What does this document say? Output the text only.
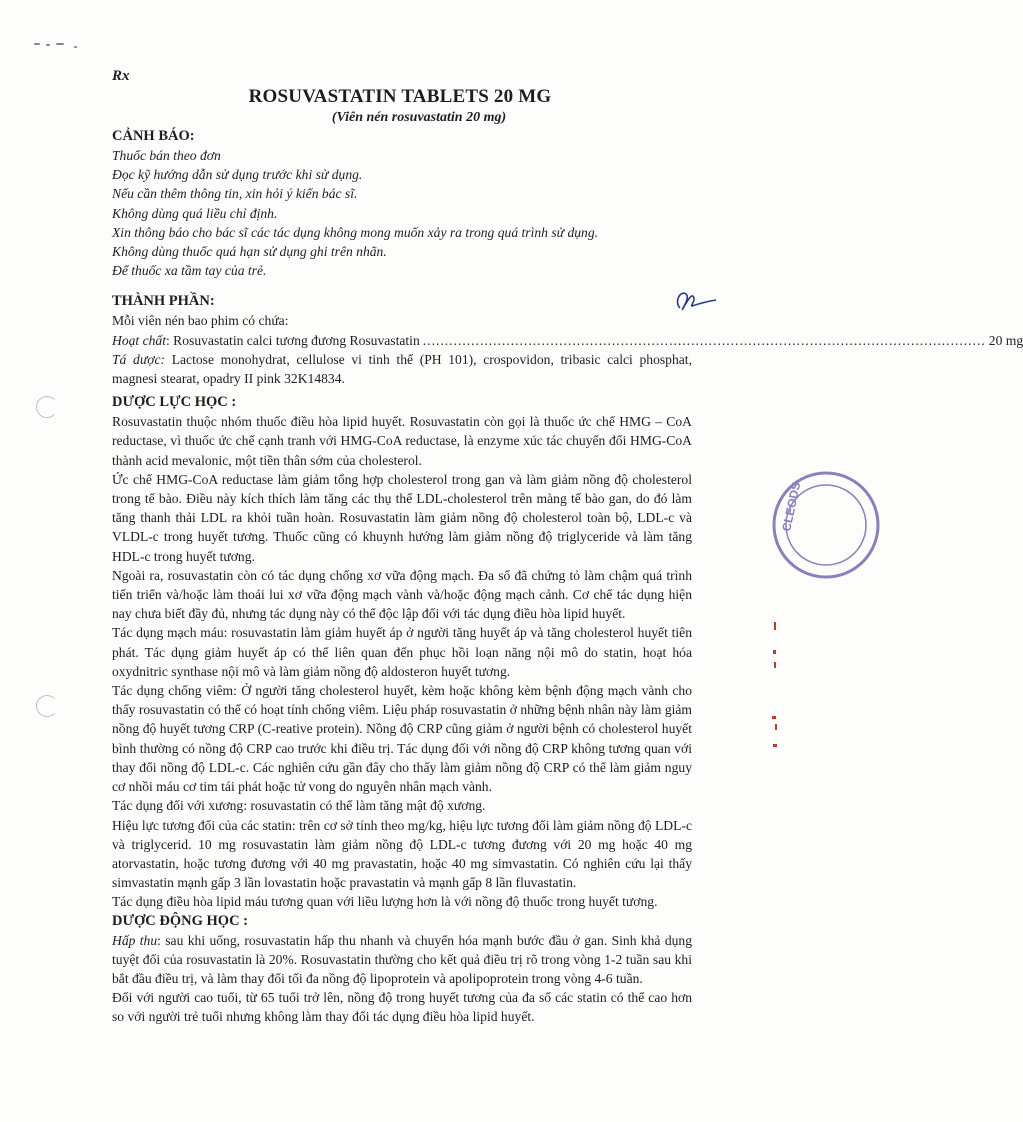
Rx
ROSUVASTATIN TABLETS 20 MG
(Viên nén rosuvastatin 20 mg)
CLEODS
CẢNH BÁO:
Thuốc bán theo đơn
Đọc kỹ hướng dẫn sử dụng trước khi sử dụng.
Nếu cần thêm thông tin, xin hỏi ý kiến bác sĩ.
Không dùng quá liều chỉ định.
Xin thông báo cho bác sĩ các tác dụng không mong muốn xảy ra trong quá trình sử dụng.
Không dùng thuốc quá hạn sử dụng ghi trên nhãn.
Để thuốc xa tầm tay của trẻ.
THÀNH PHẦN:
Mỗi viên nén bao phim có chứa:
Hoạt chất : Rosuvastatin calci tương đương Rosuvastatin
.....	20 mg

Tá dược: Lactose monohydrat, cellulose vi tinh thể (PH 101), crospovidon, tribasic calci phosphat, magnesi stearat, opadry II pink 32K14834.

DƯỢC LỰC HỌC :

Rosuvastatin thuộc nhóm thuốc điều hòa lipid huyết. Rosuvastatin còn gọi là thuốc ức chế HMG – CoA reductase, vì thuốc ức chế cạnh tranh với HMG-CoA reductase, là enzyme xúc tác chuyển đổi HMG-CoA thành acid mevalonic, một tiền thân sớm của cholesterol.

Ức chế HMG-CoA reductase làm giảm tổng hợp cholesterol trong gan và làm giảm nồng độ cholesterol trong tế bào. Điều này kích thích làm tăng các thụ thể LDL-cholesterol trên màng tế bào gan, do đó làm tăng thanh thải LDL ra khỏi tuần hoàn. Rosuvastatin làm giảm nồng độ cholesterol toàn bộ, LDL-c và VLDL-c trong huyết tương. Thuốc cũng có khuynh hướng làm giảm nồng độ triglyceride và làm tăng HDL-c trong huyết tương.

Ngoài ra, rosuvastatin còn có tác dụng chống xơ vữa động mạch. Đa số đã chứng tỏ làm chậm quá trình tiến triển và/hoặc làm thoái lui xơ vữa động mạch vành và/hoặc động mạch cảnh. Cơ chế tác dụng hiện nay chưa biết đầy đủ, nhưng tác dụng này có thể độc lập đối với tác dụng điều hòa lipid huyết.

Tác dụng mạch máu: rosuvastatin làm giảm huyết áp ở người tăng huyết áp và tăng cholesterol huyết tiên phát. Tác dụng giảm huyết áp có thể liên quan đến phục hồi loạn năng nội mô do statin, hoạt hóa oxydnitric synthase nội mô và làm giảm nồng độ aldosteron huyết tương.

Tác dụng chống viêm: Ở người tăng cholesterol huyết, kèm hoặc không kèm bệnh động mạch vành cho thấy rosuvastatin có thể có hoạt tính chống viêm. Liệu pháp rosuvastatin ở những bệnh nhân này làm giảm nồng độ huyết tương CRP (C-reative protein). Nồng độ CRP cũng giảm ở người bệnh có cholesterol huyết bình thường có nồng độ CRP cao trước khi điều trị. Tác dụng đối với nồng độ CRP không tương quan với thay đổi nồng độ LDL-c. Các nghiên cứu gần đây cho thấy làm giảm nồng độ CRP có thể làm giảm nguy cơ nhồi máu cơ tim tái phát hoặc tử vong do nguyên nhân mạch vành.

Tác dụng đối với xương: rosuvastatin có thể làm tăng mật độ xương.

Hiệu lực tương đối của các statin: trên cơ sở tính theo mg/kg, hiệu lực tương đối làm giảm nồng độ LDL-c và triglycerid. 10 mg rosuvastatin làm giảm nồng độ LDL-c tương đương với 20 mg hoặc 40 mg atorvastatin, hoặc tương đương với 40 mg pravastatin, hoặc 40 mg simvastatin. Có nghiên cứu lại thấy simvastatin mạnh gấp 3 lần lovastatin hoặc pravastatin và mạnh gấp 8 lần fluvastatin.

Tác dụng điều hòa lipid máu tương quan với liều lượng hơn là với nồng độ thuốc trong huyết tương.

DƯỢC ĐỘNG HỌC :

Hấp thu: sau khi uống, rosuvastatin hấp thu nhanh và chuyển hóa mạnh bước đầu ở gan. Sinh khả dụng tuyệt đối của rosuvastatin là 20%. Rosuvastatin thường cho kết quả điều trị rõ trong vòng 1-2 tuần sau khi bắt đầu điều trị, và làm thay đổi tối đa nồng độ lipoprotein và apolipoprotein trong vòng 4-6 tuần.

Đối với người cao tuổi, từ 65 tuổi trở lên, nồng độ trong huyết tương của đa số các statin có thể cao hơn so với người trẻ tuổi nhưng không làm thay đổi tác dụng điều hòa lipid huyết.
